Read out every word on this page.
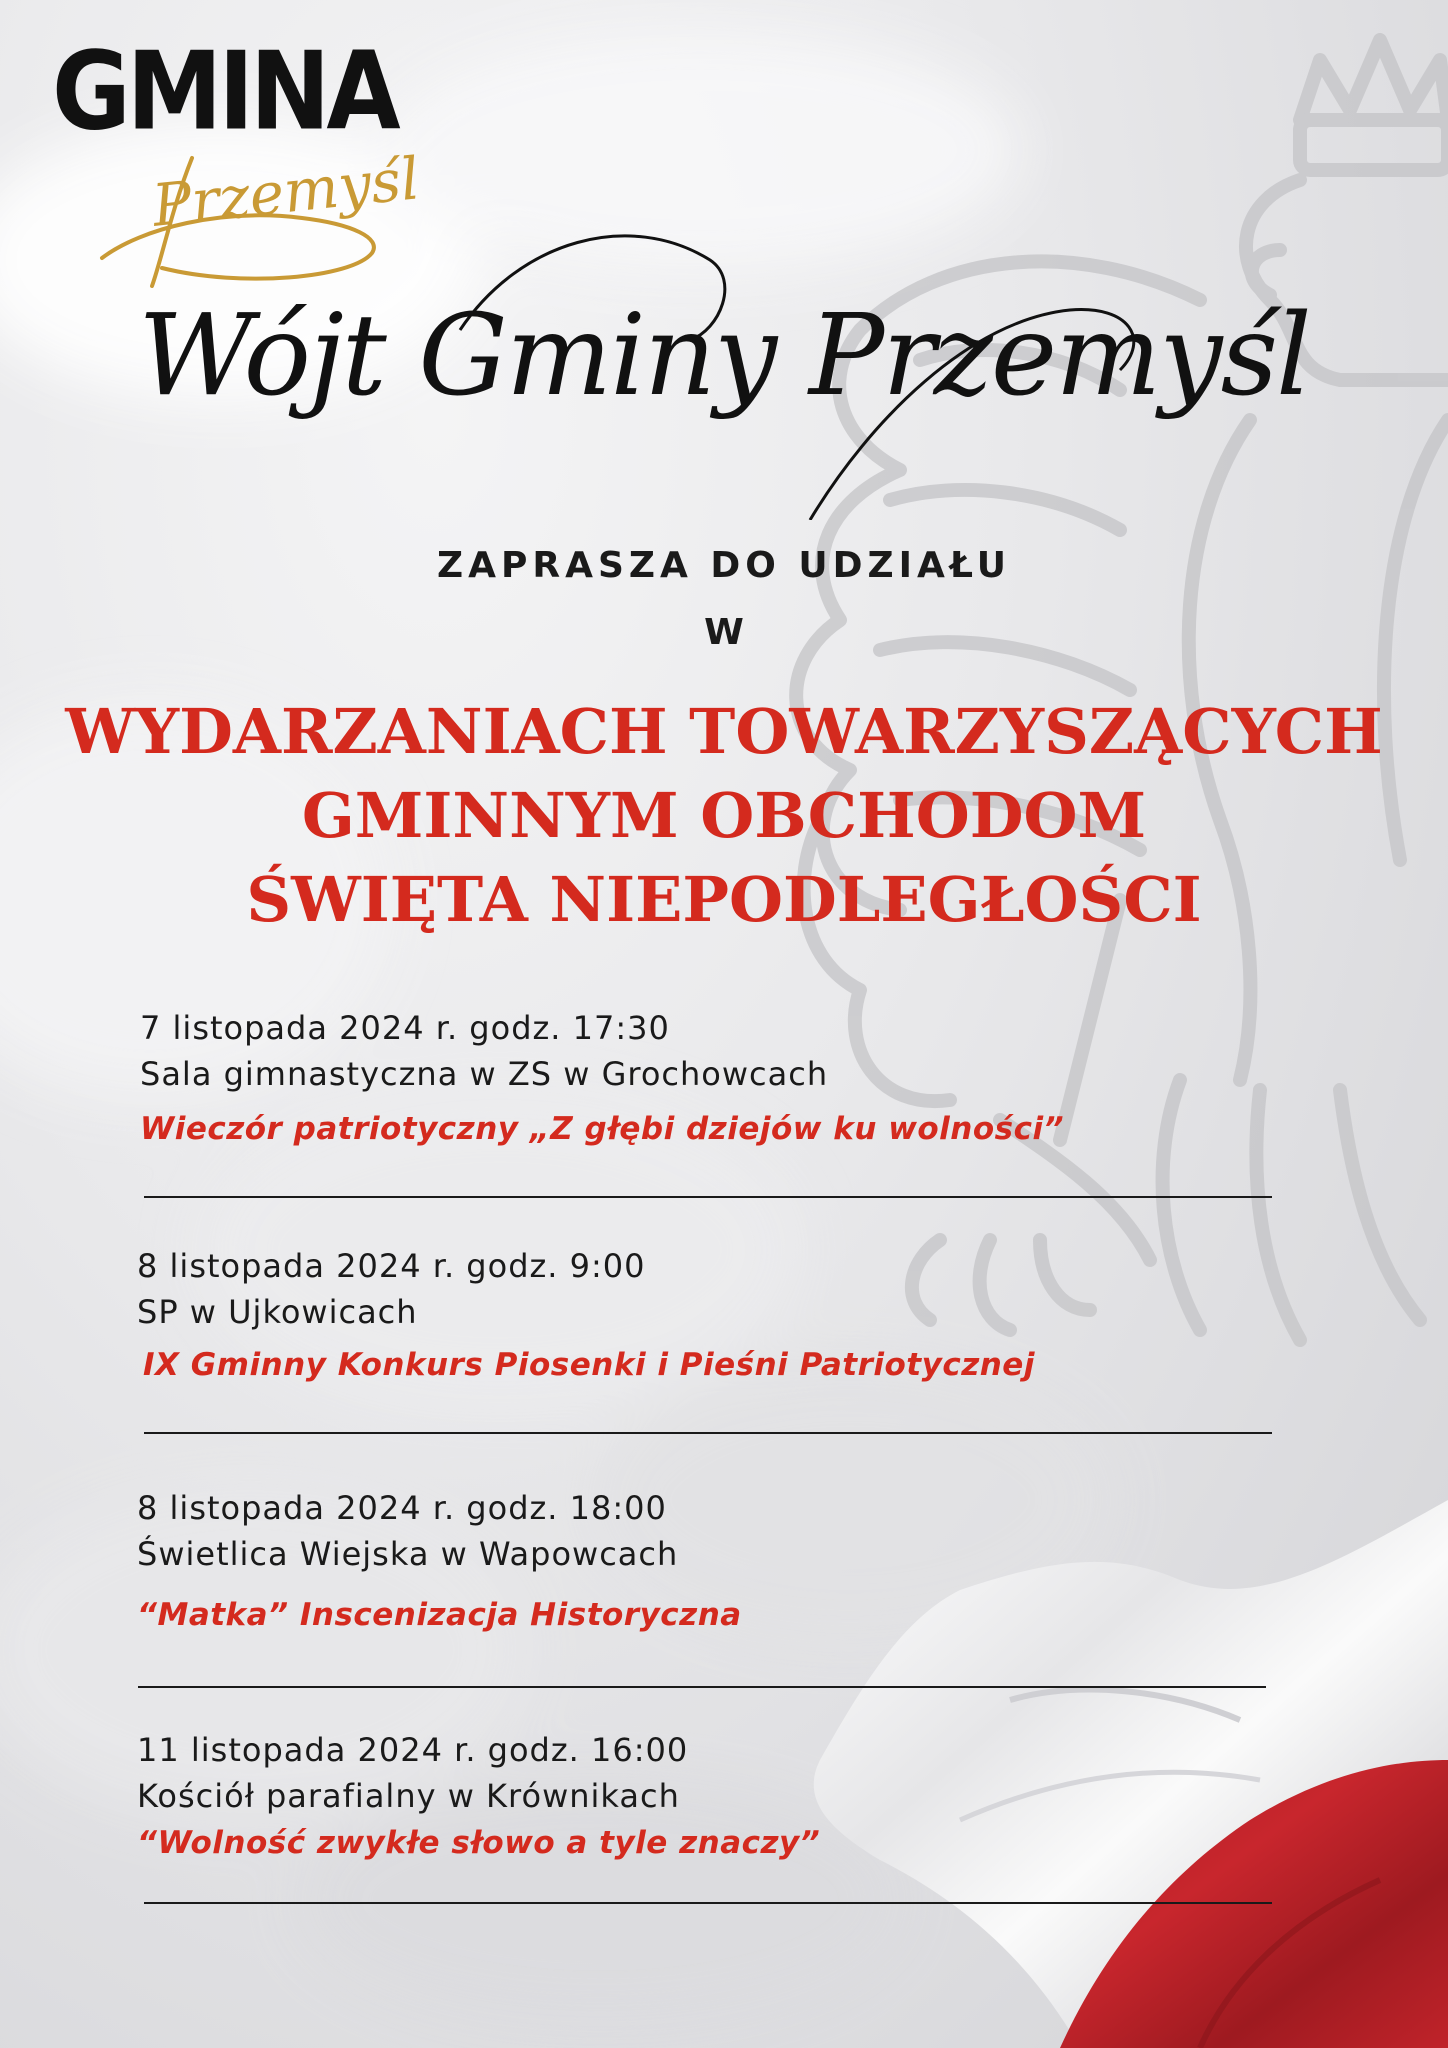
GMINA
Przemyśl
Wójt Gminy Przemyśl
ZAPRASZA DO UDZIAŁU
W
WYDARZANIACH TOWARZYSZĄCYCH
GMINNYM OBCHODOM
ŚWIĘTA NIEPODLEGŁOŚCI
7 listopada 2024 r. godz. 17:30
Sala gimnastyczna w ZS w Grochowcach
Wieczór patriotyczny „Z głębi dziejów ku wolności”
8 listopada 2024 r. godz. 9:00
SP w Ujkowicach
IX Gminny Konkurs Piosenki i Pieśni Patriotycznej
8 listopada 2024 r. godz. 18:00
Świetlica Wiejska w Wapowcach
“Matka” Inscenizacja Historyczna
11 listopada 2024 r. godz. 16:00
Kościół parafialny w Krównikach
“Wolność zwykłe słowo a tyle znaczy”
